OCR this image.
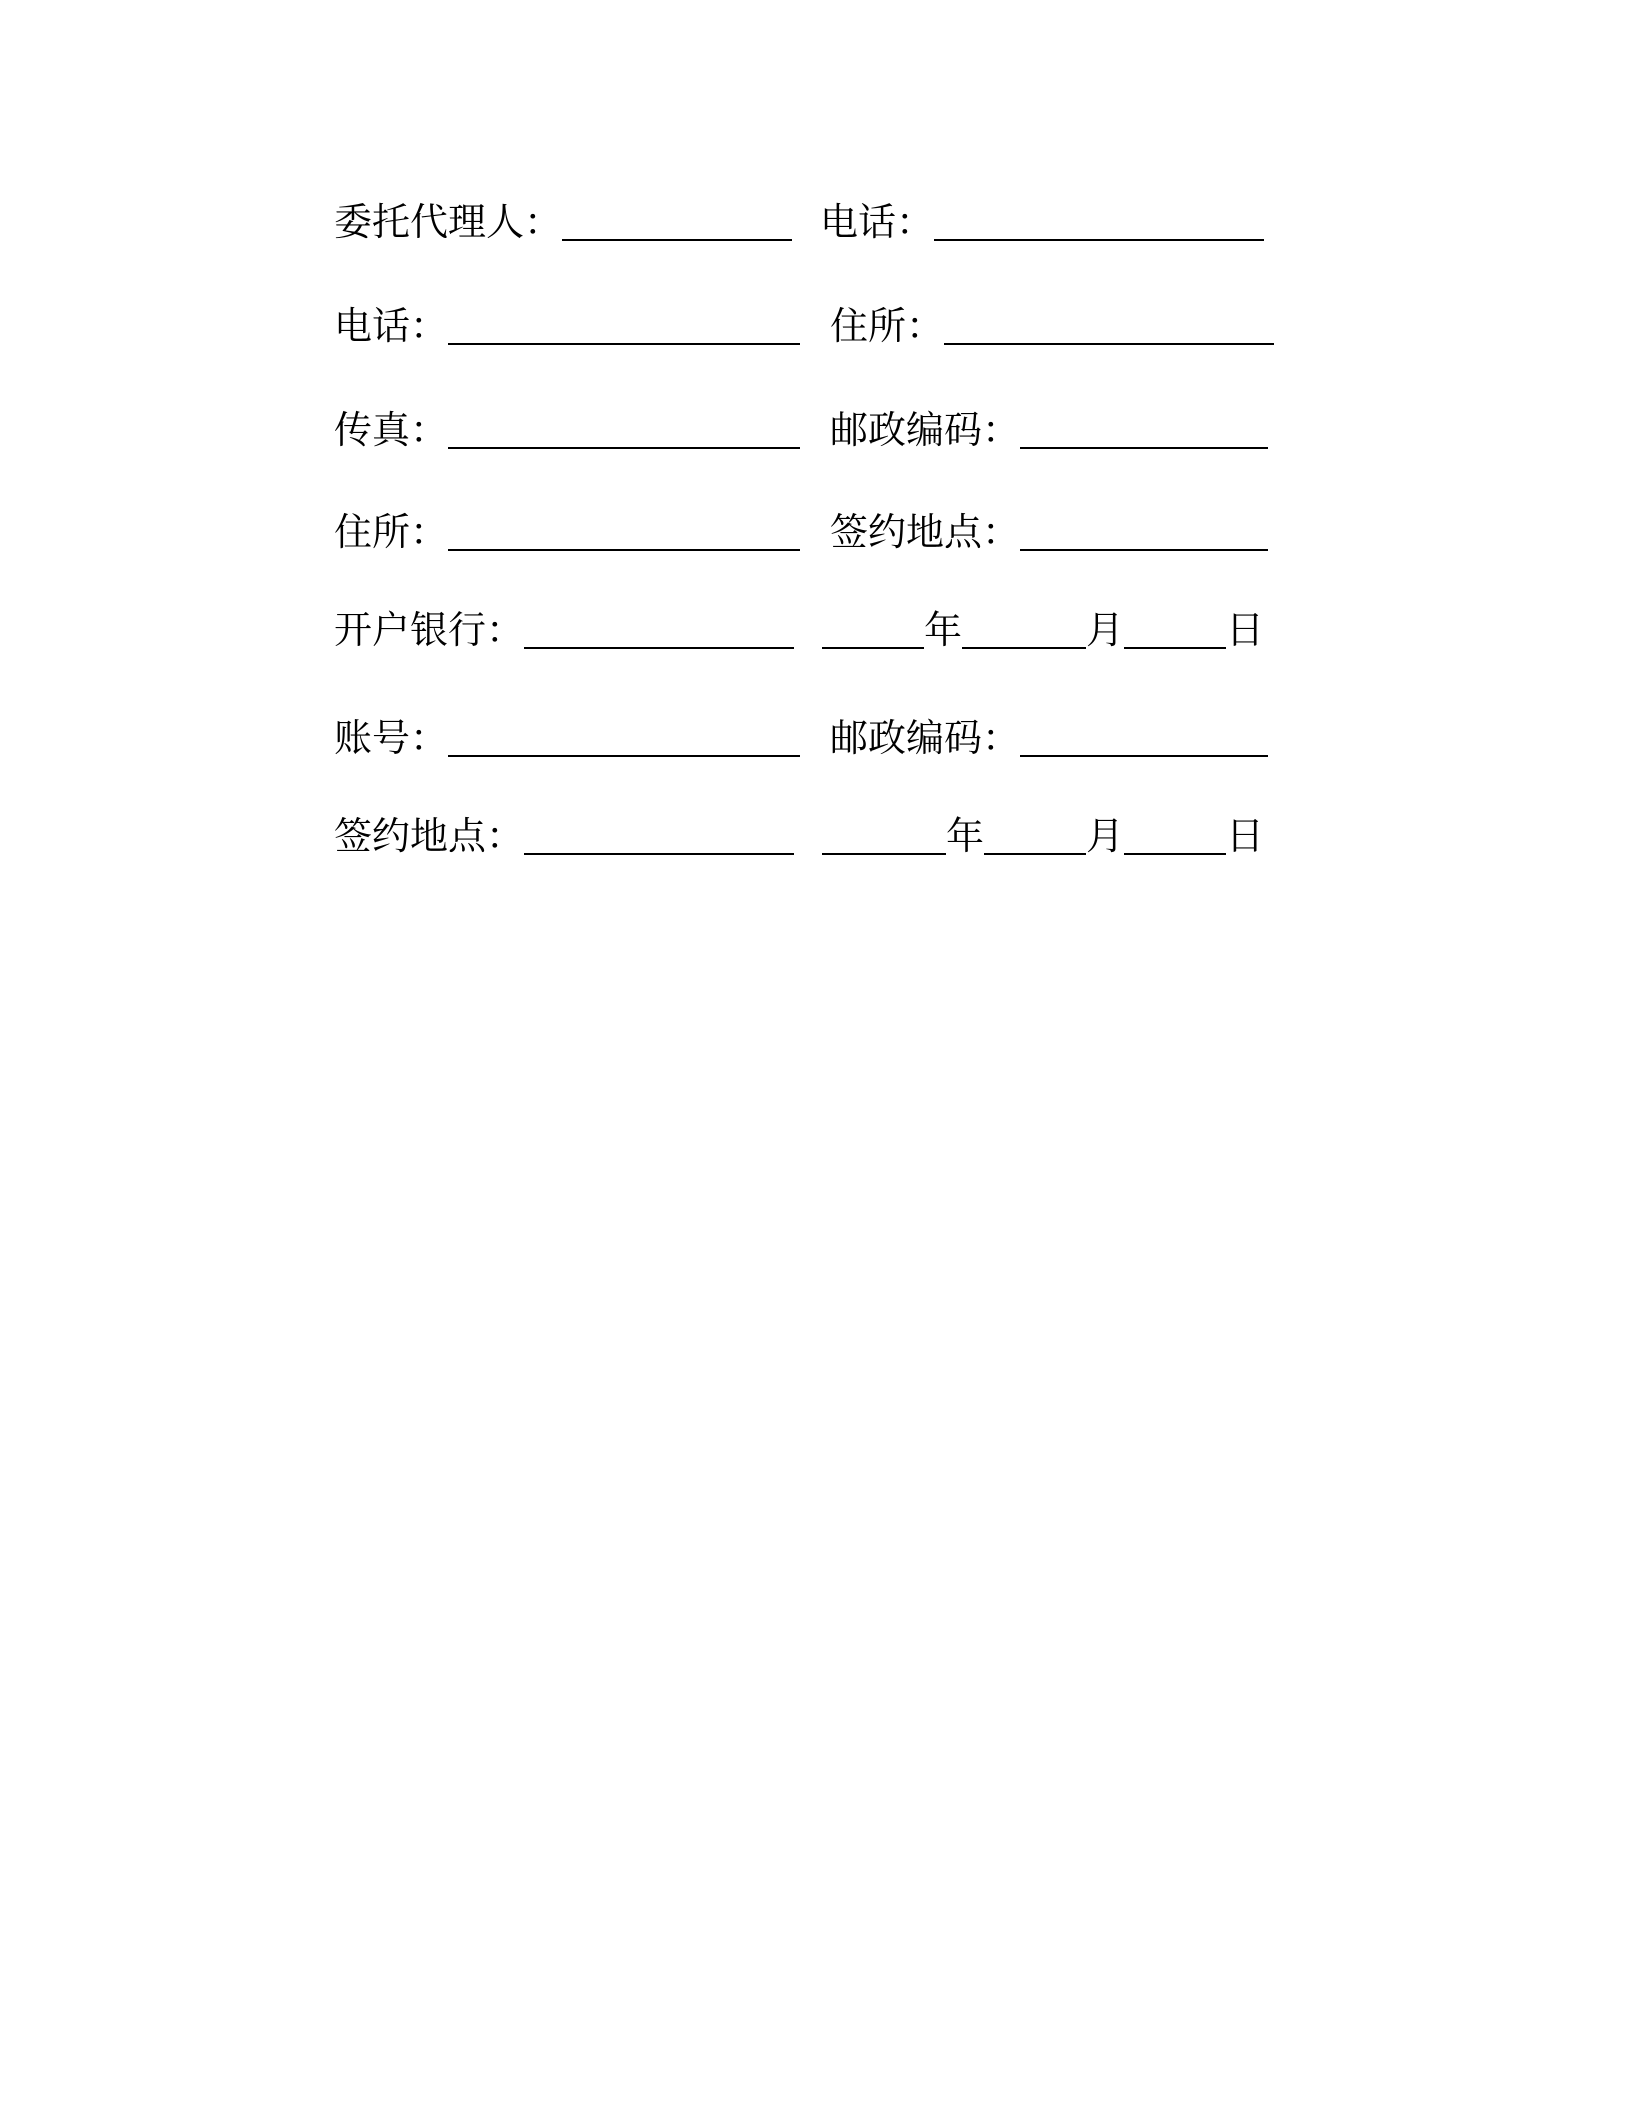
委托代理人：	电话：
电话：	住所：
传真：	邮政编码：
住所：	签约地点：
开户银行：	年	月	日
账号：	邮政编码：
签约地点：	年	月	日
